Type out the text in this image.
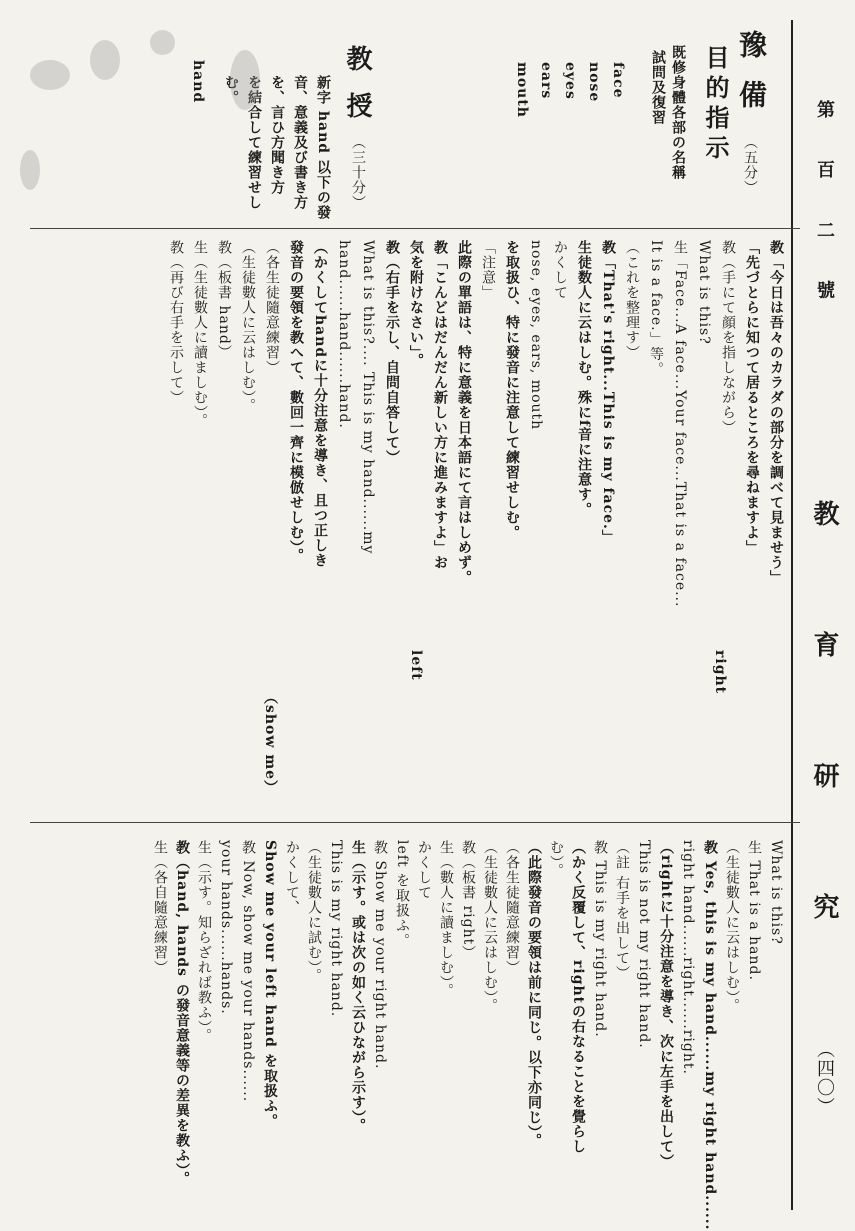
第 百 二 號
教 育 研 究
（四〇）
豫 備
（五分）
目的指示
既修身體各部の名稱
試問及復習
face
nose
eyes
ears
mouth
教 授
（三十分）
新字 hand 以下の發
音、意義及び書き方
を、言ひ方聞き方
を結合して練習せし
む。
hand
教「今日は吾々のカラダの部分を調べて見ませう」
「先づとらに知つて居るところを尋ねますよ」
教（手にて顔を指しながら）
What is this?
生「Face...A face...Your face...That is a face...
It is a face.」等。
（これを整理す）
教「That's right...This is my face.」
生徒数人に云はしむ。殊にf音に注意す。
かくして
nose, eyes, ears, mouth
を取扱ひ、特に發音に注意して練習せしむ。
「注意」
此際の單語は、特に意義を日本語にて言はしめず。
教「こんどはだんだん新しい方に進みますよ」お
気を附けなさい」。
教（右手を示し、自問自答して）
What is this?.... This is my hand......my
hand......hand......hand.
（かくしてhandに十分注意を導き、且つ正しき
發音の要領を教へて、數回一齊に模倣せしむ）。
（各生徒隨意練習）
（生徒數人に云はしむ）。
教（板書 hand）
生（生徒數人に讀ましむ）。
教（再び右手を示して）
right
（show me）
left
What is this?
生 That is a hand.
（生徒數人に云はしむ）。
教 Yes, this is my hand......my right hand......
right hand......right......right.
（rightに十分注意を導き、次に左手を出して）
This is not my right hand.
（註 右手を出して）
教 This is my right hand.
（かく反覆して、rightの右なることを覺らし
む）。
（此際發音の要領は前に同じ。以下亦同じ）。
（各生徒隨意練習）
（生徒數人に云はしむ）。
教（板書 right）
生（數人に讀ましむ）。
かくして
left を取扱ふ。
教 Show me your right hand.
生（示す。或は次の如く云ひながら示す）。
This is my right hand.
（生徒數人に試む）。
かくして、
Show me your left hand を取扱ふ。
教 Now, show me your hands......
your hands......hands.
生（示す。知らざれば教ふ）。
教（hand, hands の發音意義等の差異を教ふ）。
生（各自隨意練習）
